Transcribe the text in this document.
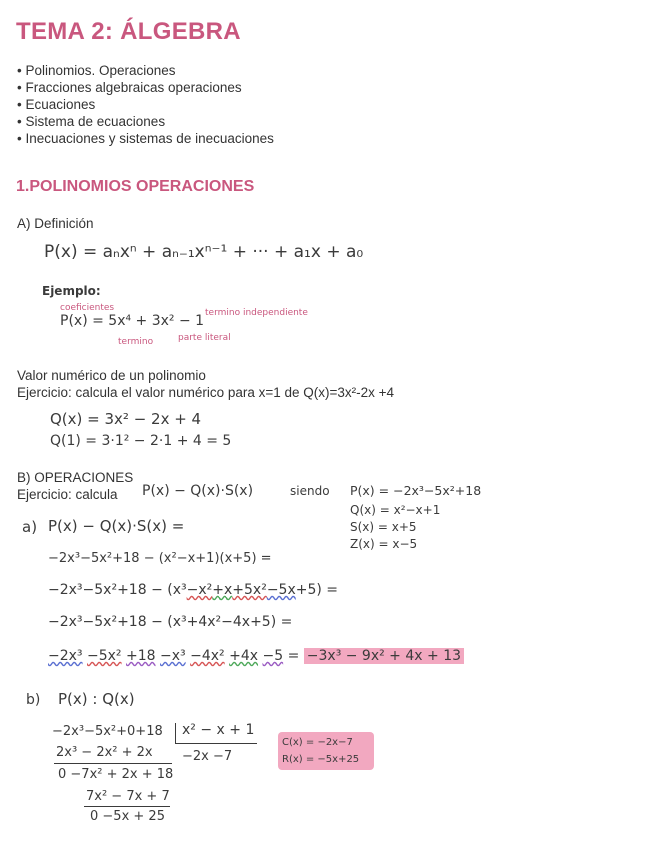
TEMA 2: ÁLGEBRA
• Polinomios. Operaciones
• Fracciones algebraicas operaciones
• Ecuaciones
• Sistema de ecuaciones
• Inecuaciones y sistemas de inecuaciones
1.POLINOMIOS OPERACIONES
A) Definición
P(x) = aₙxⁿ + aₙ₋₁xⁿ⁻¹ + ··· + a₁x + a₀
Ejemplo:
coeficientes
P(x) = 5x⁴ + 3x² − 1 termino independiente
termino	parte literal
Valor numérico de un polinomio
Ejercicio: calcula el valor numérico para x=1 de Q(x)=3x²-2x +4
Q(x) = 3x² − 2x + 4
Q(1) = 3·1² − 2·1 + 4 = 5
B) OPERACIONES
Ejercicio: calcula P(x) − Q(x)·S(x)	siendo P(x) = −2x³−5x²+18
Q(x) = x²−x+1
S(x) = x+5
Z(x) = x−5
a) P(x) − Q(x)·S(x) =
−2x³−5x²+18 − (x²−x+1)(x+5) =
−2x³−5x²+18 − (x³−x²+x+5x²−5x+5) =
−2x³−5x²+18 − (x³+4x²−4x+5) =
−2x³ −5x² +18 −x³ −4x² +4x −5 = −3x³ − 9x² + 4x + 13
b) P(x) : Q(x)
−2x³−5x²+0+18 x² − x + 1
−2x −7
2x³ − 2x² + 2x
0 −7x² + 2x + 18
7x² − 7x + 7
0 −5x + 25
C(x) = −2x−7
R(x) = −5x+25
